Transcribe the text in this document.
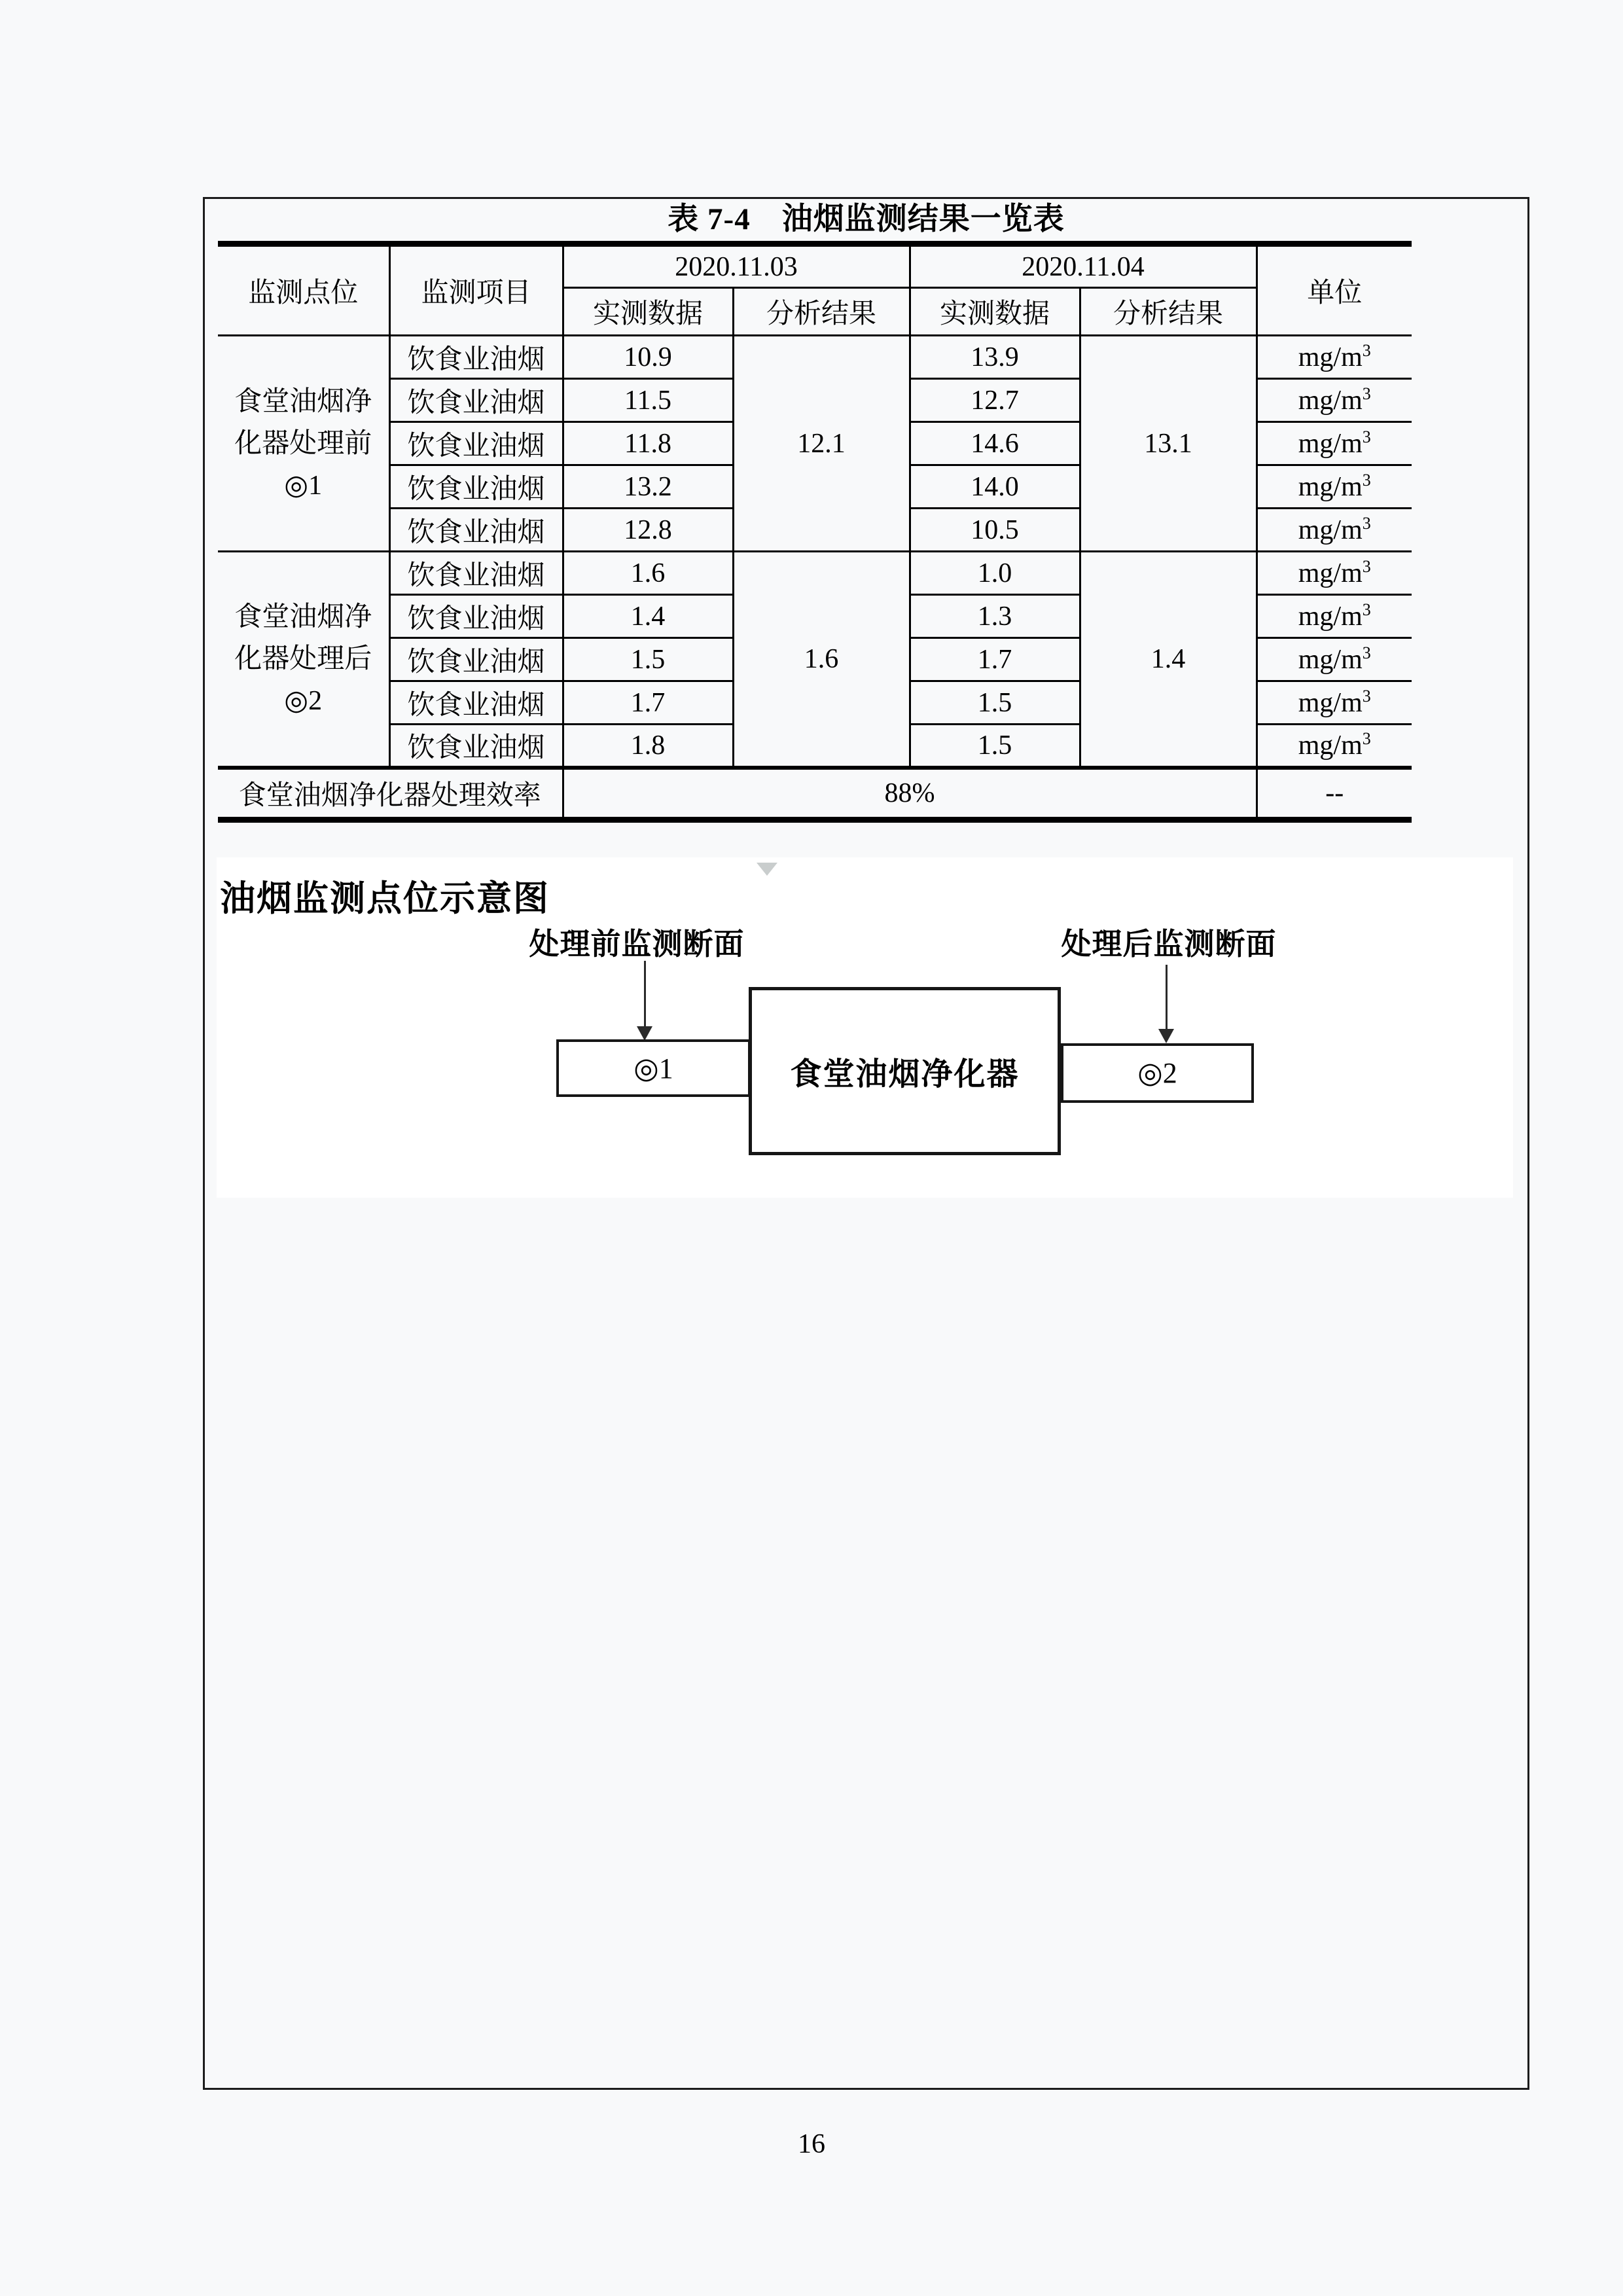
表 7-4　油烟监测结果一览表
监测点位	监测项目	2020.11.03		2020.11.04		单位
		实测数据	分析结果	实测数据	分析结果	

食堂油烟净
化器处理前
◎1	饮食业油烟	10.9	12.1	13.9	13.1	$mg/m^3$
	饮食业油烟	11.5		12.7		$mg/m^3$
	饮食业油烟	11.8		14.6		$mg/m^3$
	饮食业油烟	13.2		14.0		$mg/m^3$
	饮食业油烟	12.8		10.5		$mg/m^3$

食堂油烟净
化器处理后
◎2	饮食业油烟	1.6	1.6	1.0	1.4	$mg/m^3$
	饮食业油烟	1.4		1.3		$mg/m^3$
	饮食业油烟	1.5		1.7		$mg/m^3$
	饮食业油烟	1.7		1.5		$mg/m^3$
	饮食业油烟	1.8		1.5		$mg/m^3$
食堂油烟净化器处理效率		88%				--
油烟监测点位示意图
处理前监测断面	处理后监测断面
◎1	◎2
食堂油烟净化器
16
